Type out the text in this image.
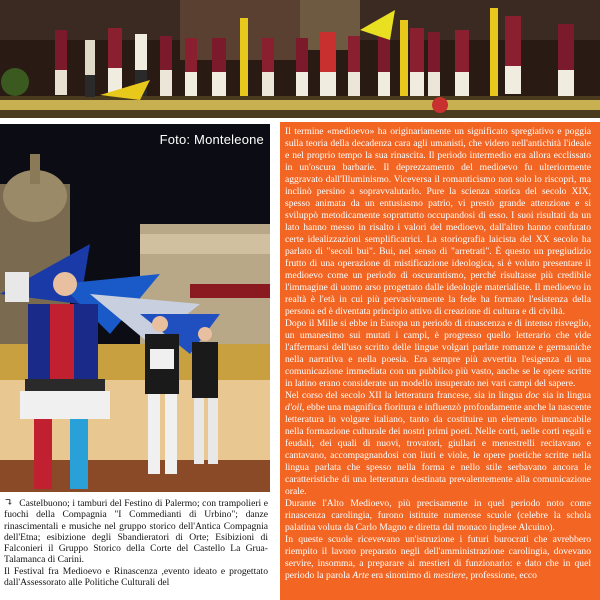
Foto: Monteleone
↴ Castelbuono; i tamburi del Festino di Palermo; con trampolieri e fuochi della Compagnia "I Commedianti di Urbino"; danze rinascimentali e musiche nel gruppo storico dell'Antica Compagnia dell'Etna; esibizione degli Sbandieratori di Orte; Esibizioni di Falconieri il Gruppo Storico della Corte del Castello La Grua-Talamanca di Carini.
Il Festival fra Medioevo e Rinascenza ,evento ideato e progettato dall'Assessorato alle Politiche Culturali del

Il termine «medioevo» ha originariamente un significato spregiativo e poggia sulla teoria della decadenza cara agli umanisti, che videro nell'antichità l'ideale e nel proprio tempo la sua rinascita. Il periodo intermedio era allora ecclissato in un'oscura barbarie. Il deprezzamento del medioevo fu ulteriormente aggravato dall'Illuminismo. Viceversa il romanticismo non solo lo riscoprì, ma inclinò persino a sopravvalutarlo. Pure la scienza storica del secolo XIX, spesso animata da un entusiasmo patrio, vi prestò grande attenzione e si sviluppò metodicamente soprattutto occupandosi di esso. I suoi risultati da un lato hanno messo in risalto i valori del medioevo, dall'altro hanno confutato certe idealizzazioni semplificatrici. La storiografia laicista del XX secolo ha parlato di "secoli bui". Bui, nel senso di "arretrati". È questo un pregiudizio frutto di una operazione di mistificazione ideologica, si è voluto presentare il medioevo come un periodo di oscurantismo, perché risultasse più credibile l'immagine di uomo arso progettato dalle ideologie materialiste. Il medioevo in realtà è l'età in cui più pervasivamente la fede ha formato l'esistenza della persona ed è diventata principio attivo di creazione di cultura e di civiltà.

Dopo il Mille si ebbe in Europa un periodo di rinascenza e di intenso risveglio, un umanesimo sui mutati i campi, è progresso quello letterario che vide l'affermarsi dell'uso scritto delle lingue volgari parlate romanze e germaniche nella narrativa e nella poesia. Era sempre più avvertita l'esigenza di una comunicazione immediata con un pubblico più vasto, anche se le opere scritte in latino erano considerate un modello insuperato nei vari campi del sapere.

Nel corso del secolo XII la letteratura francese, sia in lingua doc sia in lingua d'oil, ebbe una magnifica fioritura e influenzò profondamente anche la nascente letteratura in volgare italiano, tanto da costituire un elemento immancabile nella formazione culturale dei nostri primi poeti. Nelle corti, nelle corti regali e feudali, dei quali di nuovi, trovatori, giullari e menestrelli recitavano e cantavano, accompagnandosi con liuti e viole, le opere poetiche scritte nella lingua parlata che spesso nella forma e nello stile serbavano ancora le caratteristiche di una letteratura destinata prevalentemente alla comunicazione orale.

Durante l'Alto Medioevo, più precisamente in quel periodo noto come rinascenza carolingia, furono istituite numerose scuole (celebre la schola palatina voluta da Carlo Magno e diretta dal monaco inglese Alcuino).

In queste scuole ricevevano un'istruzione i futuri burocrati che avrebbero riempito il lavoro preparato negli dell'amministrazione carolingia, dovevano servire, insomma, a preparare ai mestieri di funzionario: e dato che in quel periodo la parola Arte era sinonimo di mestiere, professione, ecco
